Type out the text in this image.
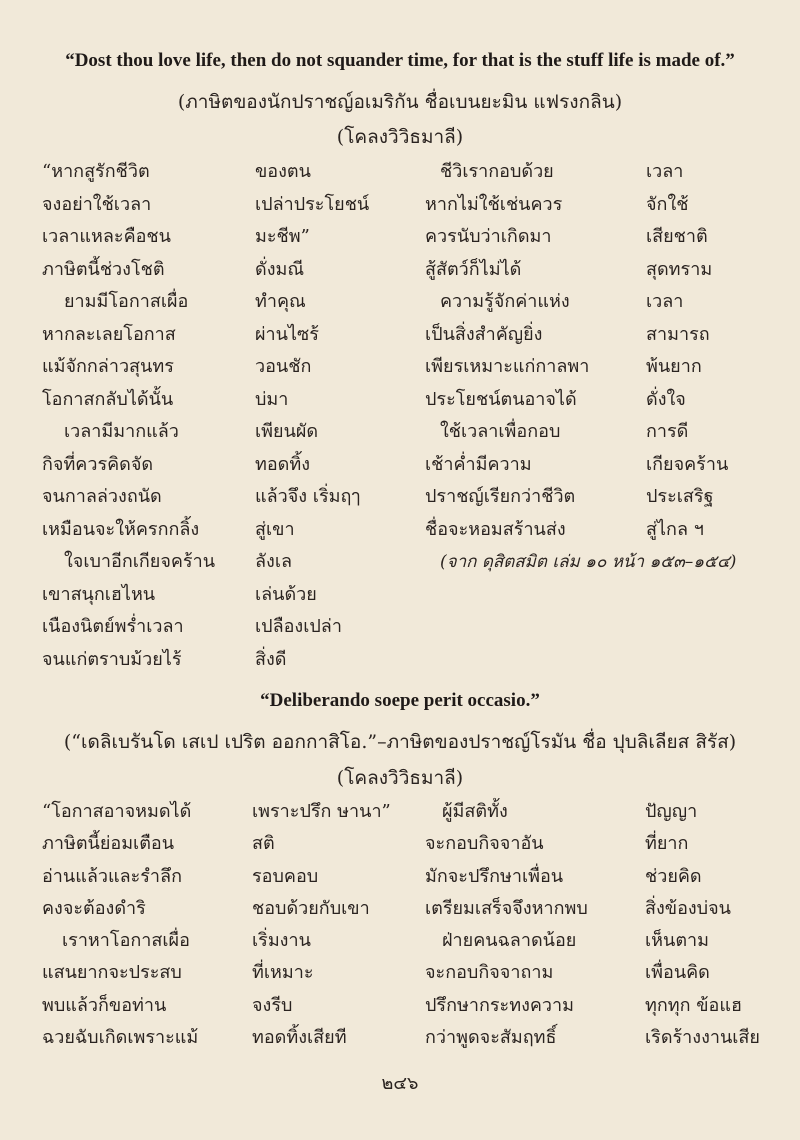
“Dost thou love life, then do not squander time, for that is the stuff life is made of.”
(ภาษิตของนักปราชญ์อเมริกัน ชื่อเบนยะมิน แฟรงกลิน)
(โคลงวิวิธมาลี)
“หากสูรักชีวิต	ของตน	ชีวิเรากอบด้วย	เวลา
จงอย่าใช้เวลา	เปล่าประโยชน์	หากไม่ใช้เช่นควร	จักใช้
เวลาแหละคือชน	มะชีพ”	ควรนับว่าเกิดมา	เสียชาติ
ภาษิตนี้ช่วงโชติ	ดั่งมณี	สู้สัตว์ก็ไม่ได้	สุดทราม
ยามมีโอกาสเผื่อ	ทำคุณ	ความรู้จักค่าแห่ง	เวลา
หากละเลยโอกาส	ผ่านไซร้	เป็นสิ่งสำคัญยิ่ง	สามารถ
แม้จักกล่าวสุนทร	วอนชัก	เพียรเหมาะแก่กาลพา	พ้นยาก
โอกาสกลับได้นั้น	บ่มา	ประโยชน์ตนอาจได้	ดั่งใจ
เวลามีมากแล้ว	เพียนผัด	ใช้เวลาเพื่อกอบ	การดี
กิจที่ควรคิดจัด	ทอดทิ้ง	เช้าค่ำมีความ	เกียจคร้าน
จนกาลล่วงถนัด	แล้วจึง เริ่มฤๅ	ปราชญ์เรียกว่าชีวิต	ประเสริฐ
เหมือนจะให้ครกกลิ้ง	สู่เขา	ชื่อจะหอมสร้านส่ง	สู่ไกล ฯ
ใจเบาอีกเกียจคร้าน ลังเล	(จาก ดุสิตสมิต เล่ม ๑๐ หน้า ๑๕๓–๑๕๔)
เขาสนุกเฮไหน	เล่นด้วย
เนืองนิตย์พร่ำเวลา	เปลืองเปล่า
จนแก่ตราบม้วยไร้	สิ่งดี
“Deliberando soepe perit occasio.”
(“เดลิเบรันโด เสเป เปริต ออกกาสิโอ.”–ภาษิตของปราชญ์โรมัน ชื่อ ปุบลิเลียส สิรัส)
(โคลงวิวิธมาลี)
“โอกาสอาจหมดได้	เพราะปรึก ษานา”	ผู้มีสติทั้ง	ปัญญา
ภาษิตนี้ย่อมเตือน	สติ	จะกอบกิจจาอัน	ที่ยาก
อ่านแล้วและรำลึก	รอบคอบ	มักจะปรึกษาเพื่อน	ช่วยคิด
คงจะต้องดำริ	ชอบด้วยกับเขา	เตรียมเสร็จจึงหากพบ	สิ่งข้องบ่จน
เราหาโอกาสเผื่อ	เริ่มงาน	ฝ่ายคนฉลาดน้อย	เห็นตาม
แสนยากจะประสบ	ที่เหมาะ	จะกอบกิจจาถาม	เพื่อนคิด
พบแล้วก็ขอท่าน	จงรีบ	ปรึกษากระทงความ	ทุกทุก ข้อแฮ
ฉวยฉับเกิดเพราะแม้	ทอดทิ้งเสียที	กว่าพูดจะสัมฤทธิ์	เริดร้างงานเสีย
๒๔๖
